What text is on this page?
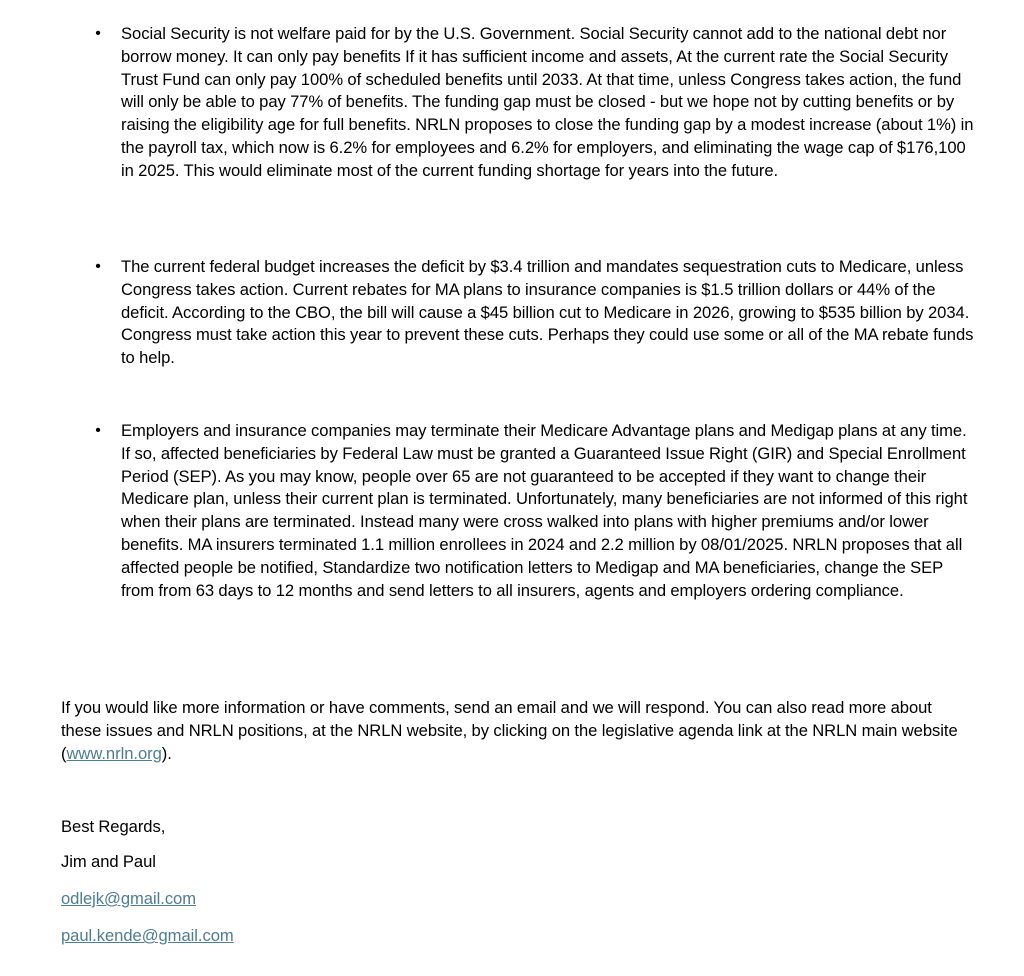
•	Social Security is not welfare paid for by the U.S. Government. Social Security cannot add to the national debt nor borrow money. It can only pay benefits If it has sufficient income and assets, At the current rate the Social Security Trust Fund can only pay 100% of scheduled benefits until 2033. At that time, unless Congress takes action, the fund will only be able to pay 77% of benefits. The funding gap must be closed - but we hope not by cutting benefits or by raising the eligibility age for full benefits. NRLN proposes to close the funding gap by a modest increase (about 1%) in the payroll tax, which now is 6.2% for employees and 6.2% for employers, and eliminating the wage cap of $176,100 in 2025. This would eliminate most of the current funding shortage for years into the future.
•	The current federal budget increases the deficit by $3.4 trillion and mandates sequestration cuts to Medicare, unless Congress takes action. Current rebates for MA plans to insurance companies is $1.5 trillion dollars or 44% of the deficit. According to the CBO, the bill will cause a $45 billion cut to Medicare in 2026, growing to $535 billion by 2034. Congress must take action this year to prevent these cuts. Perhaps they could use some or all of the MA rebate funds to help.
•	Employers and insurance companies may terminate their Medicare Advantage plans and Medigap plans at any time. If so, affected beneficiaries by Federal Law must be granted a Guaranteed Issue Right (GIR) and Special Enrollment Period (SEP). As you may know, people over 65 are not guaranteed to be accepted if they want to change their Medicare plan, unless their current plan is terminated. Unfortunately, many beneficiaries are not informed of this right when their plans are terminated. Instead many were cross walked into plans with higher premiums and/or lower benefits. MA insurers terminated 1.1 million enrollees in 2024 and 2.2 million by 08/01/2025. NRLN proposes that all affected people be notified, Standardize two notification letters to Medigap and MA beneficiaries, change the SEP from from 63 days to 12 months and send letters to all insurers, agents and employers ordering compliance.
If you would like more information or have comments, send an email and we will respond. You can also read more about these issues and NRLN positions, at the NRLN website, by clicking on the legislative agenda link at the NRLN main website (www.nrln.org).
Best Regards,
Jim and Paul
odlejk@gmail.com
paul.kende@gmail.com
